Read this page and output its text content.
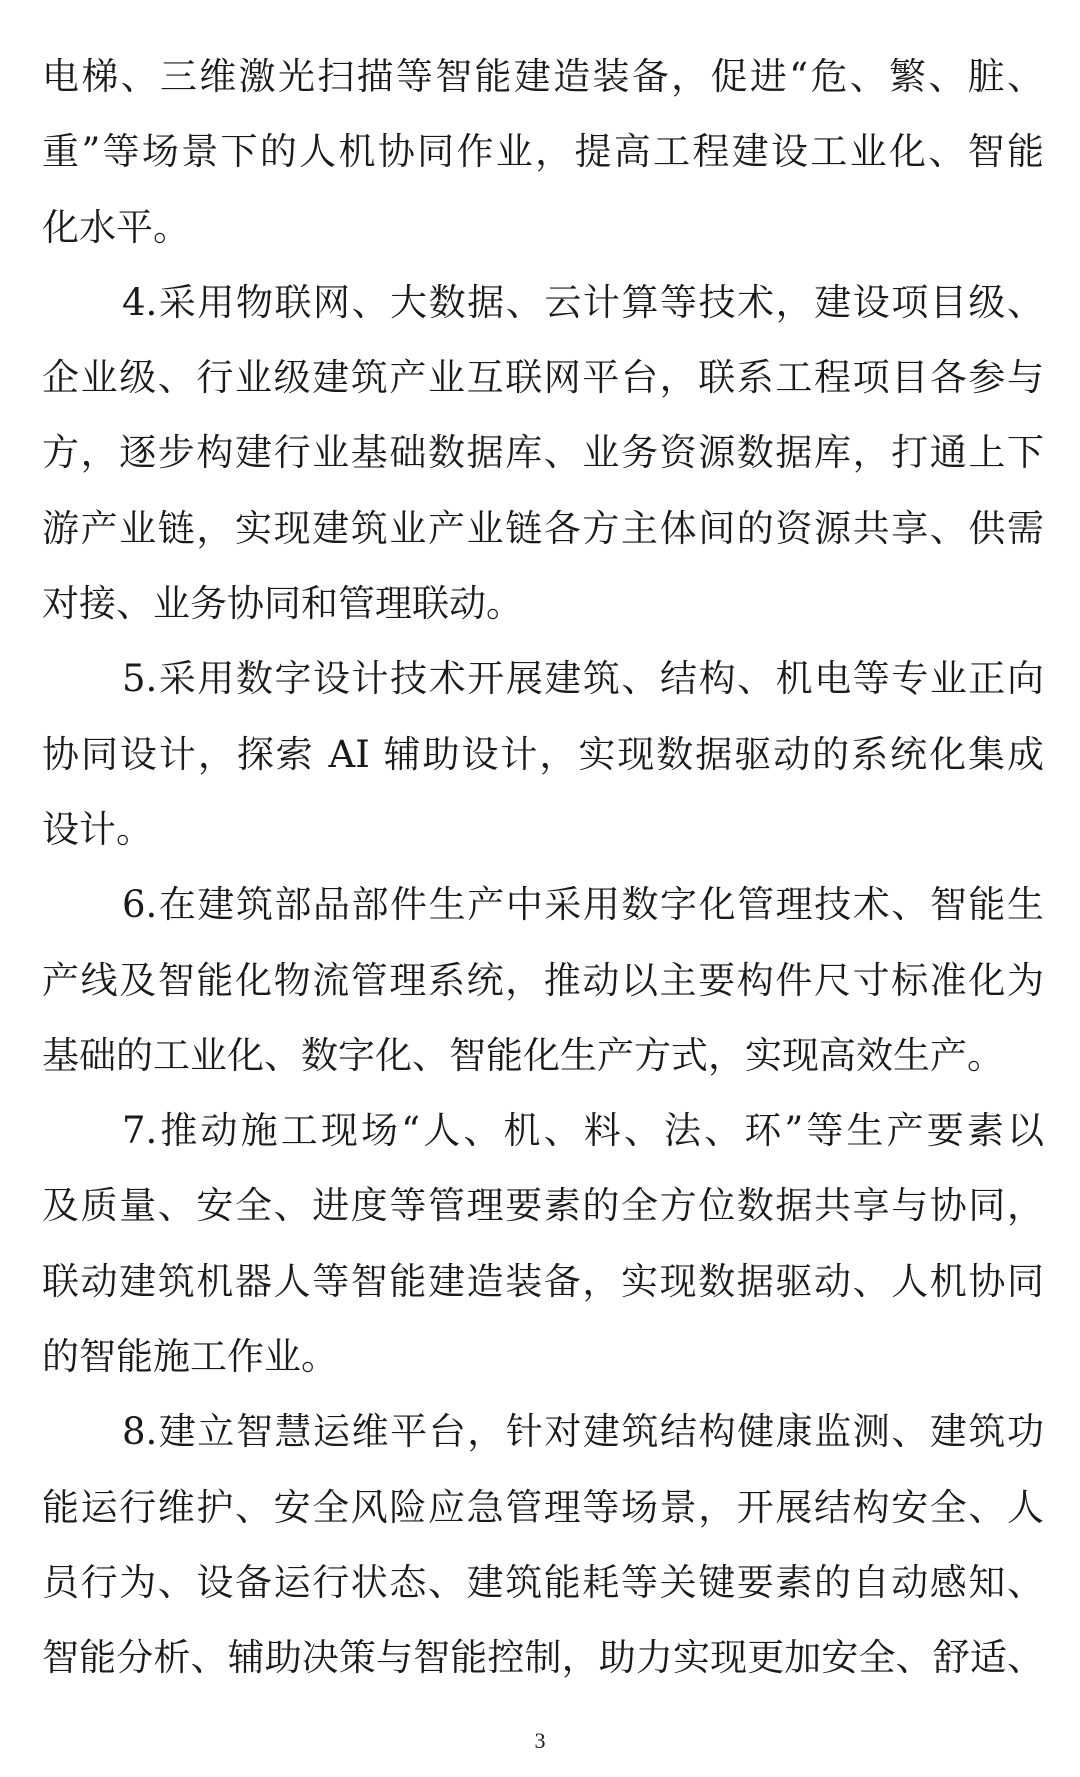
电梯、三维激光扫描等智能建造装备，促进“危、繁、脏、
重”等场景下的人机协同作业，提高工程建设工业化、智能
化水平。
4.采用物联网、大数据、云计算等技术，建设项目级、
企业级、行业级建筑产业互联网平台，联系工程项目各参与
方，逐步构建行业基础数据库、业务资源数据库，打通上下
游产业链，实现建筑业产业链各方主体间的资源共享、供需
对接、业务协同和管理联动。
5.采用数字设计技术开展建筑、结构、机电等专业正向
协同设计，探索 AI 辅助设计，实现数据驱动的系统化集成
设计。
6.在建筑部品部件生产中采用数字化管理技术、智能生
产线及智能化物流管理系统，推动以主要构件尺寸标准化为
基础的工业化、数字化、智能化生产方式，实现高效生产。
7.推动施工现场“人、机、料、法、环”等生产要素以
及质量、安全、进度等管理要素的全方位数据共享与协同，
联动建筑机器人等智能建造装备，实现数据驱动、人机协同
的智能施工作业。
8.建立智慧运维平台，针对建筑结构健康监测、建筑功
能运行维护、安全风险应急管理等场景，开展结构安全、人
员行为、设备运行状态、建筑能耗等关键要素的自动感知、
智能分析、辅助决策与智能控制，助力实现更加安全、舒适、
3
